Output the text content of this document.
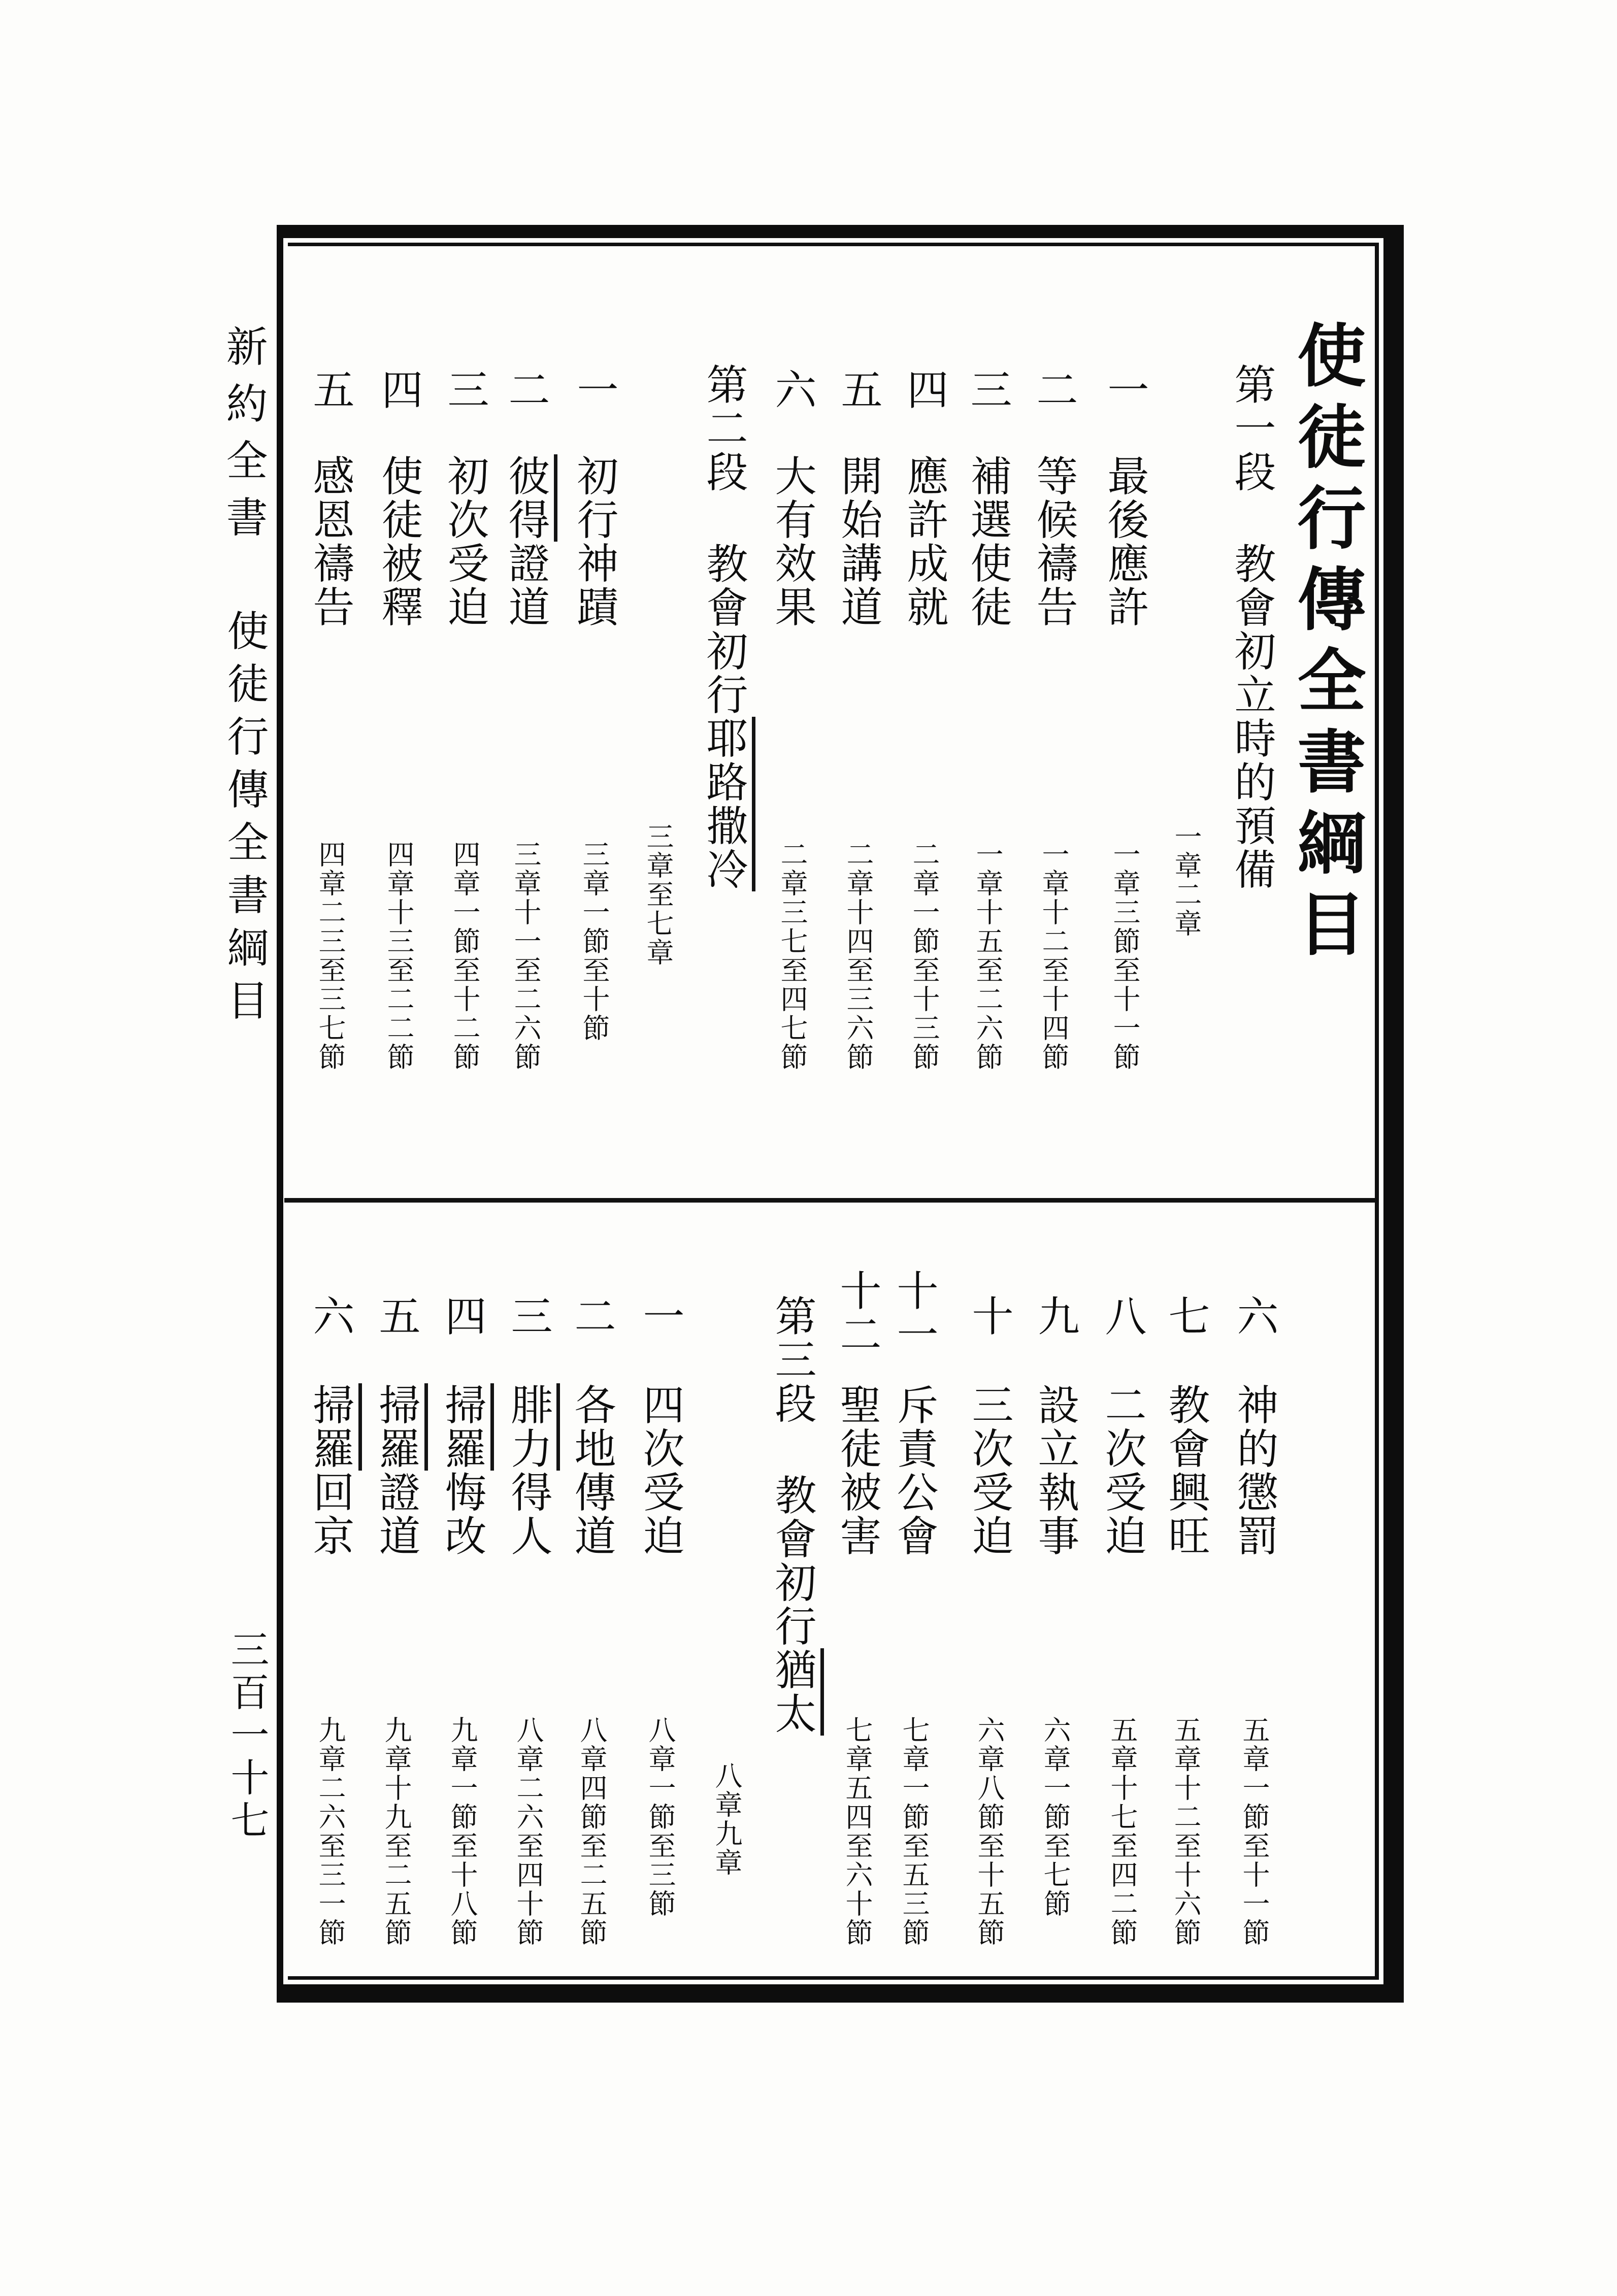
使徒行傳全書綱目
第一段
教會初立時的預備
一章二章
一
最後應許
一章三節至十一節
二
等候禱告
一章十二至十四節
三
補選使徒
一章十五至二六節
四
應許成就
二章一節至十三節
五
開始講道
二章十四至三六節
六
大有效果
二章三七至四七節
第二段
教會初行耶路撒冷
三章至七章
一
初行神蹟
三章一節至十節
二
彼得證道
三章十一至二六節
三
初次受迫
四章一節至十二節
四
使徒被釋
四章十三至二二節
五
感恩禱告
四章二三至三七節
六
神的懲罰
五章一節至十一節
七
教會興旺
五章十二至十六節
八
二次受迫
五章十七至四二節
九
設立執事
六章一節至七節
十
三次受迫
六章八節至十五節
十一
斥責公會
七章一節至五三節
十二
聖徒被害
七章五四至六十節
第三段
教會初行猶太
八章九章
一
四次受迫
八章一節至三節
二
各地傳道
八章四節至二五節
三
腓力得人
八章二六至四十節
四
掃羅悔改
九章一節至十八節
五
掃羅證道
九章十九至二五節
六
掃羅回京
九章二六至三一節
新約全書
使徒行傳全書綱目
三百一十七
